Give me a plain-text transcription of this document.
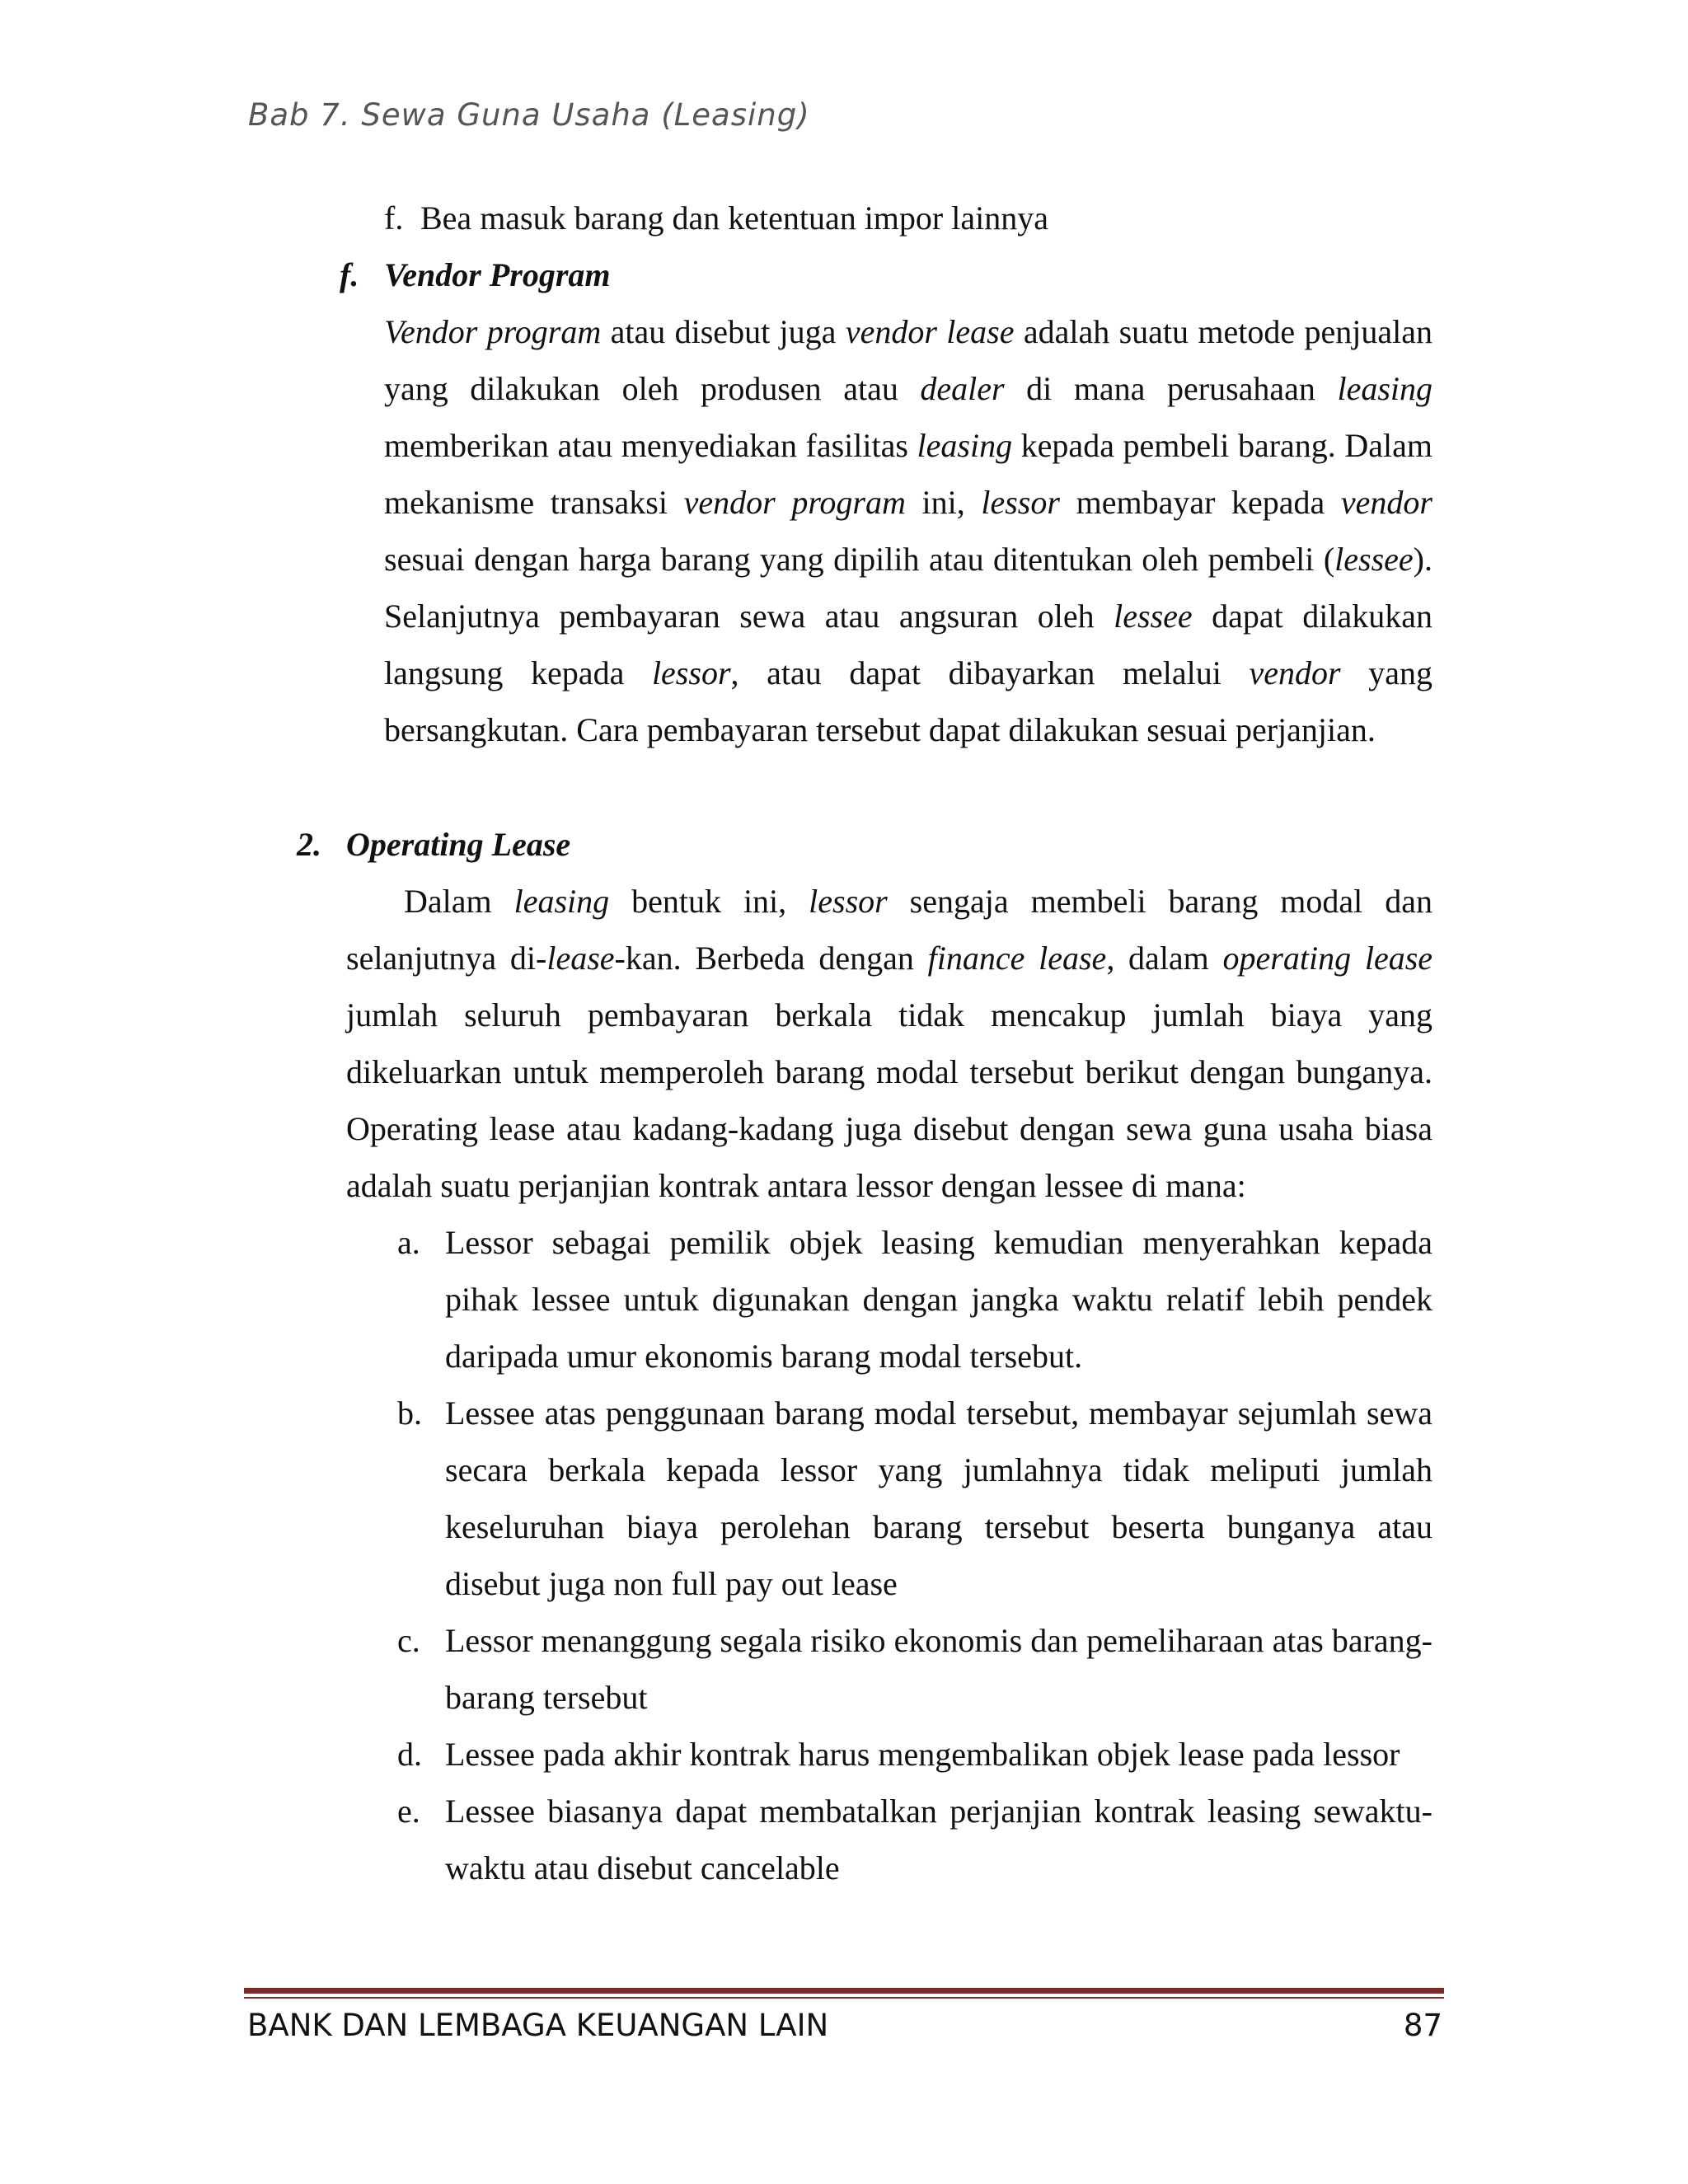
Bab 7. Sewa Guna Usaha (Leasing)
f. Bea masuk barang dan ketentuan impor lainnya
f. Vendor Program
Vendor program atau disebut juga vendor lease adalah suatu metode penjualan
yang dilakukan oleh produsen atau dealer di mana perusahaan leasing
memberikan atau menyediakan fasilitas leasing kepada pembeli barang. Dalam
mekanisme transaksi vendor program ini, lessor membayar kepada vendor
sesuai dengan harga barang yang dipilih atau ditentukan oleh pembeli (lessee).
Selanjutnya pembayaran sewa atau angsuran oleh lessee dapat dilakukan
langsung kepada lessor, atau dapat dibayarkan melalui vendor yang
bersangkutan. Cara pembayaran tersebut dapat dilakukan sesuai perjanjian.
2. Operating Lease
Dalam leasing bentuk ini, lessor sengaja membeli barang modal dan
selanjutnya di-lease-kan. Berbeda dengan finance lease, dalam operating lease
jumlah seluruh pembayaran berkala tidak mencakup jumlah biaya yang
dikeluarkan untuk memperoleh barang modal tersebut berikut dengan bunganya.
Operating lease atau kadang-kadang juga disebut dengan sewa guna usaha biasa
adalah suatu perjanjian kontrak antara lessor dengan lessee di mana:
a. Lessor sebagai pemilik objek leasing kemudian menyerahkan kepada
pihak lessee untuk digunakan dengan jangka waktu relatif lebih pendek
daripada umur ekonomis barang modal tersebut.
b. Lessee atas penggunaan barang modal tersebut, membayar sejumlah sewa
secara berkala kepada lessor yang jumlahnya tidak meliputi jumlah
keseluruhan biaya perolehan barang tersebut beserta bunganya atau
disebut juga non full pay out lease
c. Lessor menanggung segala risiko ekonomis dan pemeliharaan atas barang-
barang tersebut
d. Lessee pada akhir kontrak harus mengembalikan objek lease pada lessor
e. Lessee biasanya dapat membatalkan perjanjian kontrak leasing sewaktu-
waktu atau disebut cancelable
BANK DAN LEMBAGA KEUANGAN LAIN	87
